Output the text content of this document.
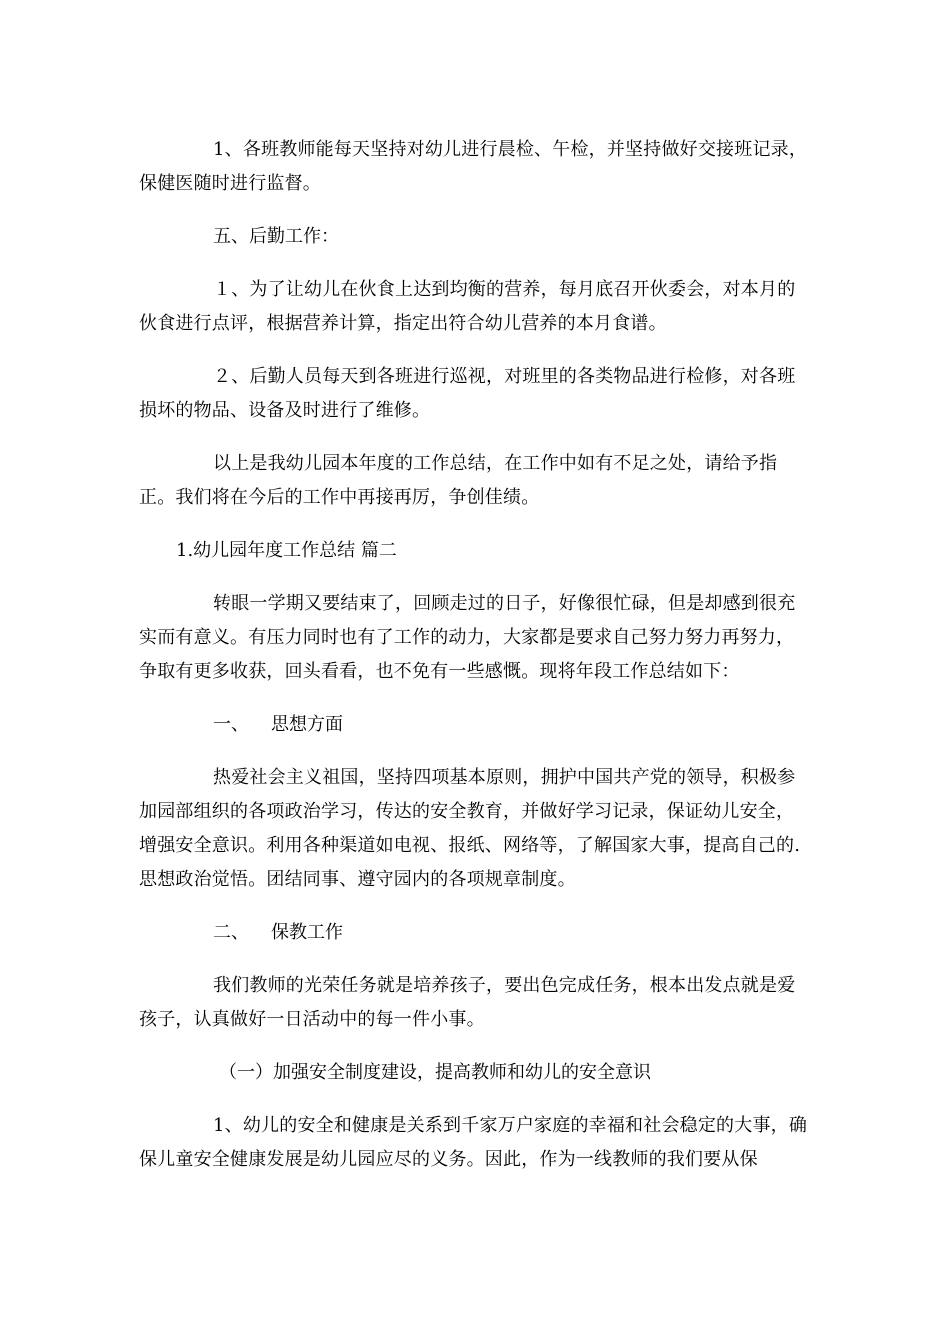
1、各班教师能每天坚持对幼儿进行晨检、午检，并坚持做好交接班记录，保健医随时进行监督。

五、后勤工作：

１、为了让幼儿在伙食上达到均衡的营养，每月底召开伙委会，对本月的伙食进行点评，根据营养计算，指定出符合幼儿营养的本月食谱。

２、后勤人员每天到各班进行巡视，对班里的各类物品进行检修，对各班损坏的物品、设备及时进行了维修。

以上是我幼儿园本年度的工作总结，在工作中如有不足之处，请给予指正。我们将在今后的工作中再接再厉，争创佳绩。

1.幼儿园年度工作总结 篇二

转眼一学期又要结束了，回顾走过的日子，好像很忙碌，但是却感到很充实而有意义。有压力同时也有了工作的动力，大家都是要求自己努力努力再努力，争取有更多收获，回头看看，也不免有一些感慨。现将年段工作总结如下：

一、 思想方面

热爱社会主义祖国，坚持四项基本原则，拥护中国共产党的领导，积极参加园部组织的各项政治学习，传达的安全教育，并做好学习记录，保证幼儿安全，增强安全意识。利用各种渠道如电视、报纸、网络等，了解国家大事，提高自己的.思想政治觉悟。团结同事、遵守园内的各项规章制度。

二、 保教工作

我们教师的光荣任务就是培养孩子，要出色完成任务，根本出发点就是爱孩子，认真做好一日活动中的每一件小事。

（一）加强安全制度建设，提高教师和幼儿的安全意识

1、幼儿的安全和健康是关系到千家万户家庭的幸福和社会稳定的大事，确保儿童安全健康发展是幼儿园应尽的义务。因此，作为一线教师的我们要从保
